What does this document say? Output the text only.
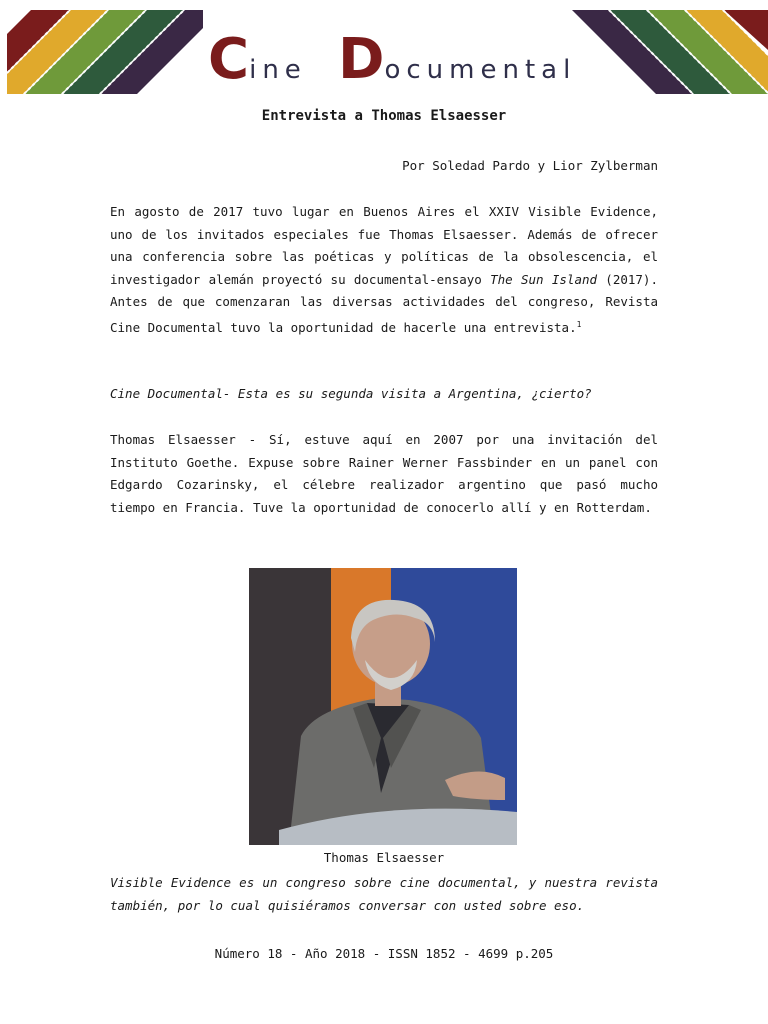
Cine Documental
Entrevista a Thomas Elsaesser
Por Soledad Pardo y Lior Zylberman
En agosto de 2017 tuvo lugar en Buenos Aires el XXIV Visible Evidence, uno de los invitados especiales fue Thomas Elsaesser. Además de ofrecer una conferencia sobre las poéticas y políticas de la obsolescencia, el investigador alemán proyectó su documental-ensayo The Sun Island (2017). Antes de que comenzaran las diversas actividades del congreso, Revista Cine Documental tuvo la oportunidad de hacerle una entrevista.$^1$
Cine Documental- Esta es su segunda visita a Argentina, ¿cierto?
Thomas Elsaesser - Sí, estuve aquí en 2007 por una invitación del Instituto Goethe. Expuse sobre Rainer Werner Fassbinder en un panel con Edgardo Cozarinsky, el célebre realizador argentino que pasó mucho tiempo en Francia. Tuve la oportunidad de conocerlo allí y en Rotterdam.
Thomas Elsaesser
Visible Evidence es un congreso sobre cine documental, y nuestra revista también, por lo cual quisiéramos conversar con usted sobre eso.
Número 18 - Año 2018 - ISSN 1852 - 4699 p.205
